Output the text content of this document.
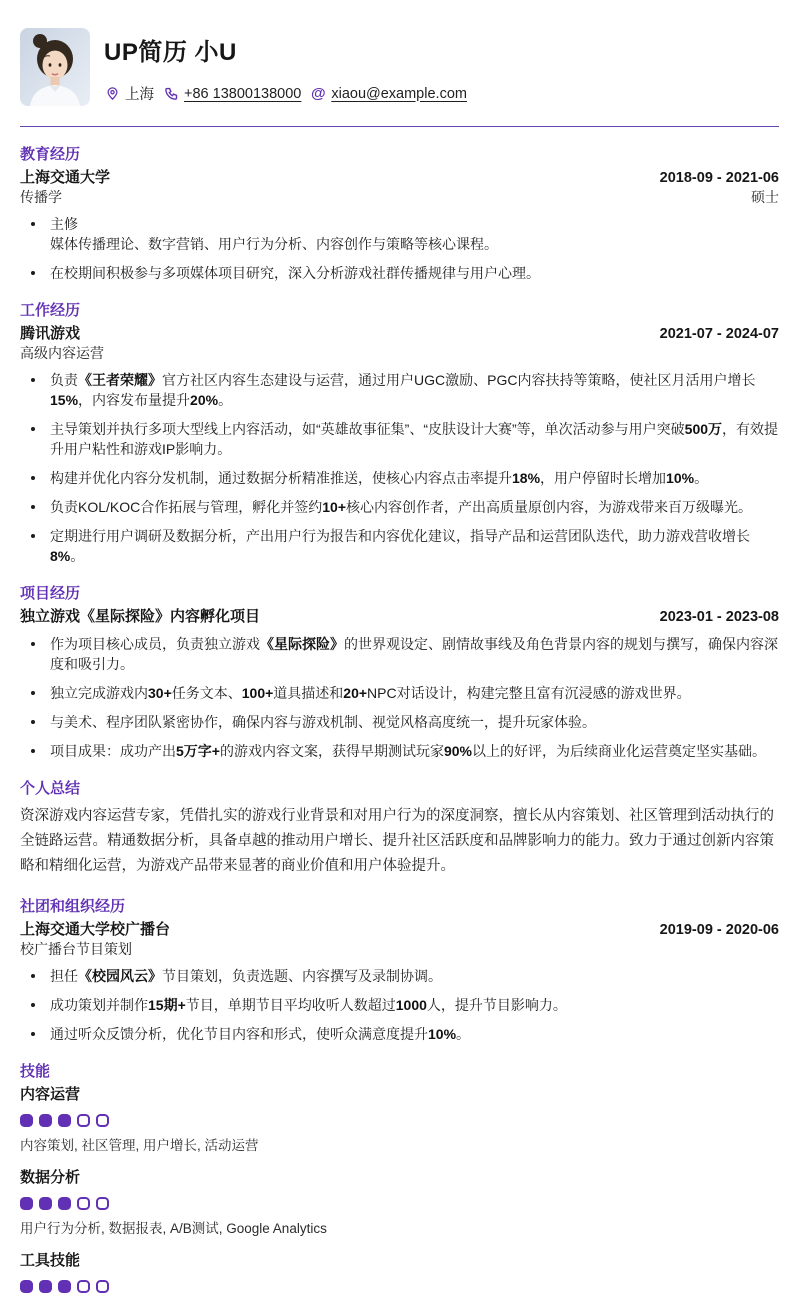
UP简历 小U
上海 +86 13800138000 @ xiaou@example.com
教育经历
上海交通大学	2018-09 - 2021-06
传播学	硕士
主修
媒体传播理论、数字营销、用户行为分析、内容创作与策略等核心课程。
在校期间积极参与多项媒体项目研究，深入分析游戏社群传播规律与用户心理。
工作经历
腾讯游戏	2021-07 - 2024-07
高级内容运营
负责《王者荣耀》官方社区内容生态建设与运营，通过用户UGC激励、PGC内容扶持等策略，使社区月活用户增长15%，内容发布量提升20%。
主导策划并执行多项大型线上内容活动，如“英雄故事征集”、“皮肤设计大赛”等，单次活动参与用户突破500万，有效提升用户粘性和游戏IP影响力。
构建并优化内容分发机制，通过数据分析精准推送，使核心内容点击率提升18%，用户停留时长增加10%。
负责KOL/KOC合作拓展与管理，孵化并签约10+核心内容创作者，产出高质量原创内容，为游戏带来百万级曝光。
定期进行用户调研及数据分析，产出用户行为报告和内容优化建议，指导产品和运营团队迭代，助力游戏营收增长8%。
项目经历
独立游戏《星际探险》内容孵化项目	2023-01 - 2023-08
作为项目核心成员，负责独立游戏《星际探险》的世界观设定、剧情故事线及角色背景内容的规划与撰写，确保内容深度和吸引力。
独立完成游戏内30+任务文本、100+道具描述和20+NPC对话设计，构建完整且富有沉浸感的游戏世界。
与美术、程序团队紧密协作，确保内容与游戏机制、视觉风格高度统一，提升玩家体验。
项目成果：成功产出5万字+的游戏内容文案，获得早期测试玩家90%以上的好评，为后续商业化运营奠定坚实基础。
个人总结
资深游戏内容运营专家，凭借扎实的游戏行业背景和对用户行为的深度洞察，擅长从内容策划、社区管理到活动执行的全链路运营。精通数据分析，具备卓越的推动用户增长、提升社区活跃度和品牌影响力的能力。致力于通过创新内容策略和精细化运营，为游戏产品带来显著的商业价值和用户体验提升。
社团和组织经历
上海交通大学校广播台	2019-09 - 2020-06
校广播台节目策划
担任《校园风云》节目策划，负责选题、内容撰写及录制协调。
成功策划并制作15期+节目，单期节目平均收听人数超过1000人，提升节目影响力。
通过听众反馈分析，优化节目内容和形式，使听众满意度提升10%。
技能
内容运营
内容策划, 社区管理, 用户增长, 活动运营
数据分析
用户行为分析, 数据报表, A/B测试, Google Analytics
工具技能
